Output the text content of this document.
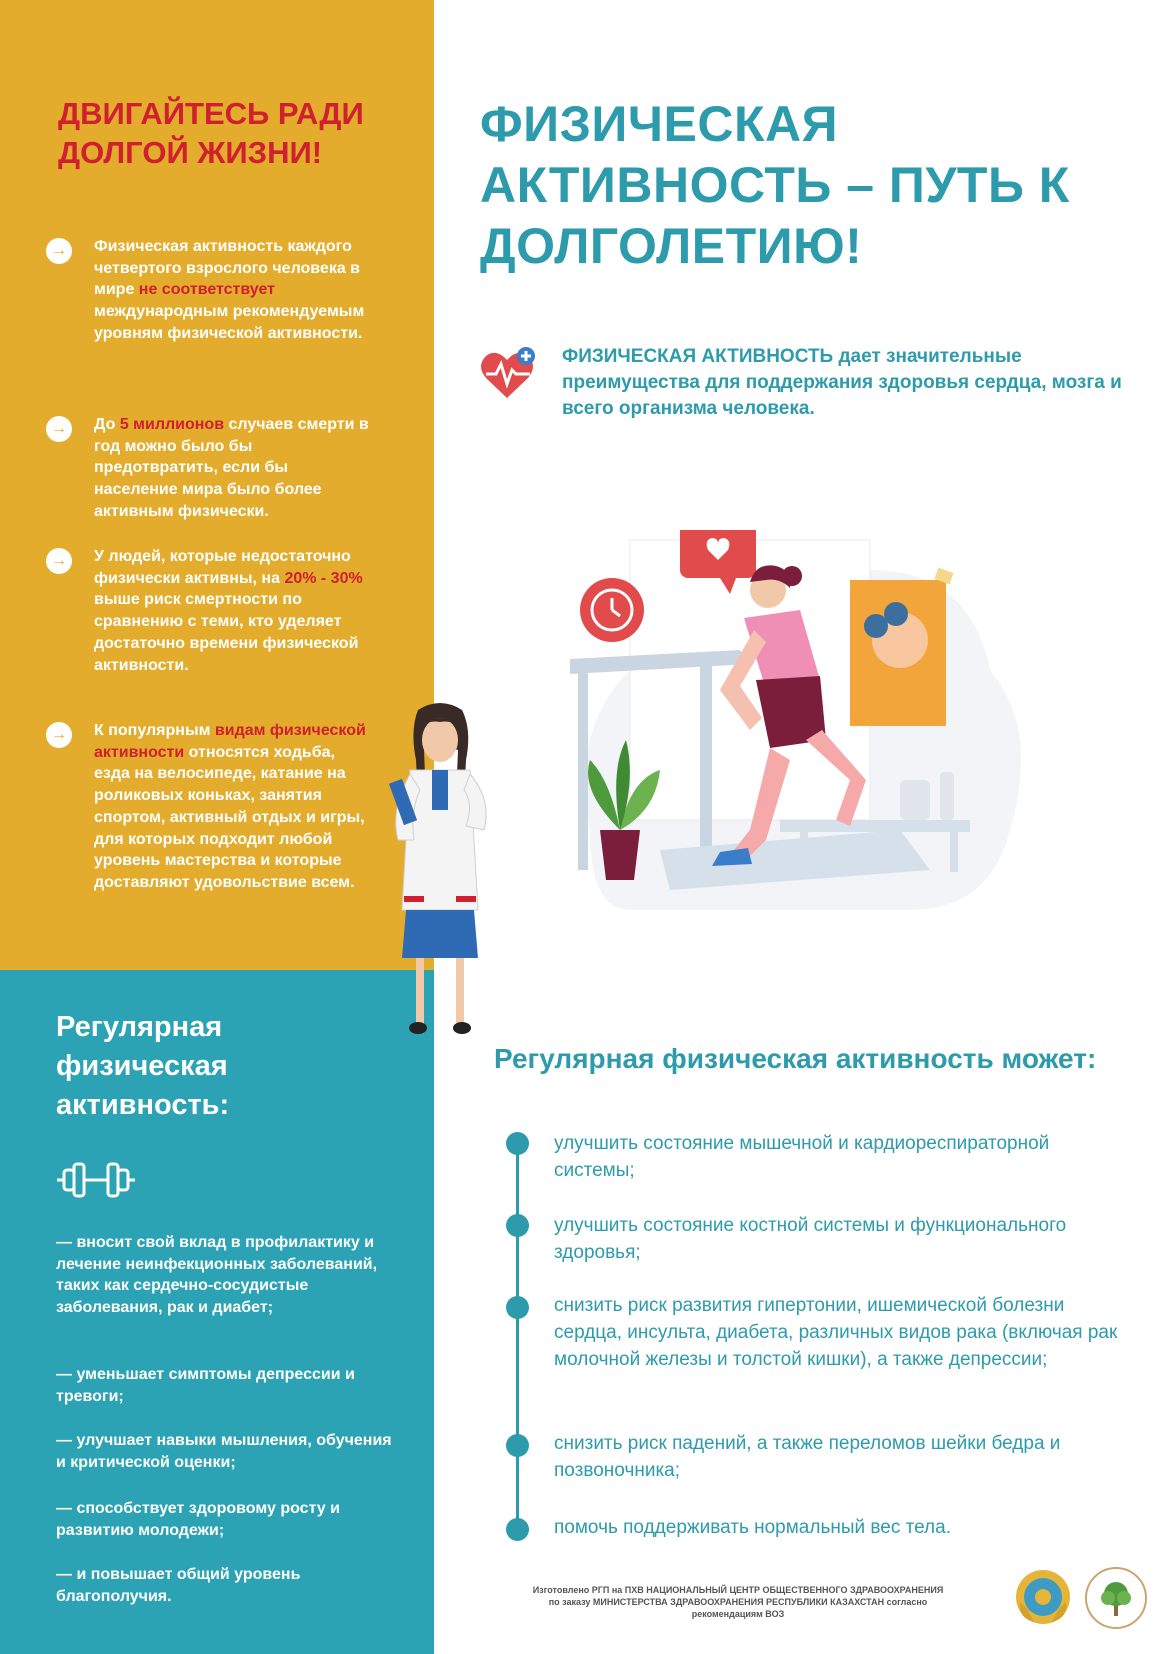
ДВИГАЙТЕСЬ РАДИ ДОЛГОЙ ЖИЗНИ!
→	Физическая активность каждого четвертого взрослого человека в мире не соответствует международным рекомендуемым уровням физической активности.
→	До 5 миллионов случаев смерти в год можно было бы предотвратить, если бы население мира было более активным физически.
→	У людей, которые недостаточно физически активны, на 20% - 30% выше риск смертности по сравнению с теми, кто уделяет достаточно времени физической активности.
→	К популярным видам физической активности относятся ходьба, езда на велосипеде, катание на роликовых коньках, занятия спортом, активный отдых и игры, для которых подходит любой уровень мастерства и которые доставляют удовольствие всем.
Регулярная физическая активность:
— вносит свой вклад в профилактику и лечение неинфекционных заболеваний, таких как сердечно-сосудистые заболевания, рак и диабет;
— уменьшает симптомы депрессии и тревоги;
— улучшает навыки мышления, обучения и критической оценки;
— способствует здоровому росту и развитию молодежи;
— и повышает общий уровень благополучия.
ФИЗИЧЕСКАЯ АКТИВНОСТЬ – ПУТЬ К ДОЛГОЛЕТИЮ!
ФИЗИЧЕСКАЯ АКТИВНОСТЬ дает значительные преимущества для поддержания здоровья сердца, мозга и всего организма человека.
Регулярная физическая активность может:
улучшить состояние мышечной и кардиореспираторной системы;
улучшить состояние костной системы и функционального здоровья;
снизить риск развития гипертонии, ишемической болезни сердца, инсульта, диабета, различных видов рака (включая рак молочной железы и толстой кишки), а также депрессии;
снизить риск падений, а также переломов шейки бедра и позвоночника;
помочь поддерживать нормальный вес тела.
Изготовлено РГП на ПХВ НАЦИОНАЛЬНЫЙ ЦЕНТР ОБЩЕСТВЕННОГО ЗДРАВООХРАНЕНИЯ
по заказу МИНИСТЕРСТВА ЗДРАВООХРАНЕНИЯ РЕСПУБЛИКИ КАЗАХСТАН согласно
рекомендациям ВОЗ
